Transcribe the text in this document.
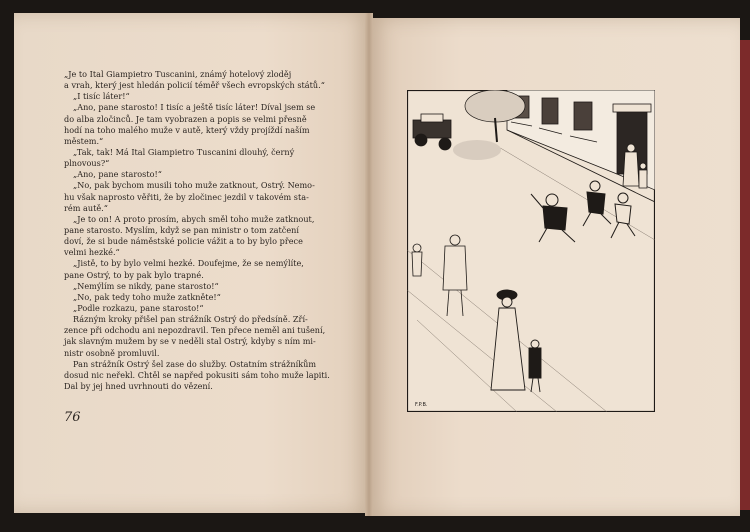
„Je to Ital Giampietro Tuscanini, známý hotelový zloděj
a vrah, který jest hledán policií téměř všech evropských států.“
„I tisíc láter!“
„Ano, pane starosto! I tisíc a ještě tisíc láter! Díval jsem se
do alba zločinců. Je tam vyobrazen a popis se velmi přesně
hodí na toho malého muže v autě, který vždy projíždí naším
městem.“
„Tak, tak! Má Ital Giampietro Tuscanini dlouhý, černý
plnovous?“
„Ano, pane starosto!“
„No, pak bychom musili toho muže zatknout, Ostrý. Nemo-
hu však naprosto věřiti, že by zločinec jezdil v takovém sta-
rém autě.“
„Je to on! A proto prosím, abych směl toho muže zatknout,
pane starosto. Myslím, když se pan ministr o tom zatčení
doví, že si bude náměstské policie vážit a to by bylo přece
velmi hezké.“
„Jistě, to by bylo velmi hezké. Doufejme, že se nemýlíte,
pane Ostrý, to by pak bylo trapné.
„Nemýlím se nikdy, pane starosto!“
„No, pak tedy toho muže zatkněte!“
„Podle rozkazu, pane starosto!“
Rázným kroky přišel pan strážník Ostrý do předsíně. Zří-
zence při odchodu ani nepozdravil. Ten přece neměl ani tušení,
jak slavným mužem by se v neděli stal Ostrý, kdyby s ním mi-
nistr osobně promluvil.
Pan strážník Ostrý šel zase do služby. Ostatním strážníkům
dosud nic neřekl. Chtěl se napřed pokusiti sám toho muže lapiti.
Dal by jej hned uvrhnouti do vězení.
76
F.P.B.
